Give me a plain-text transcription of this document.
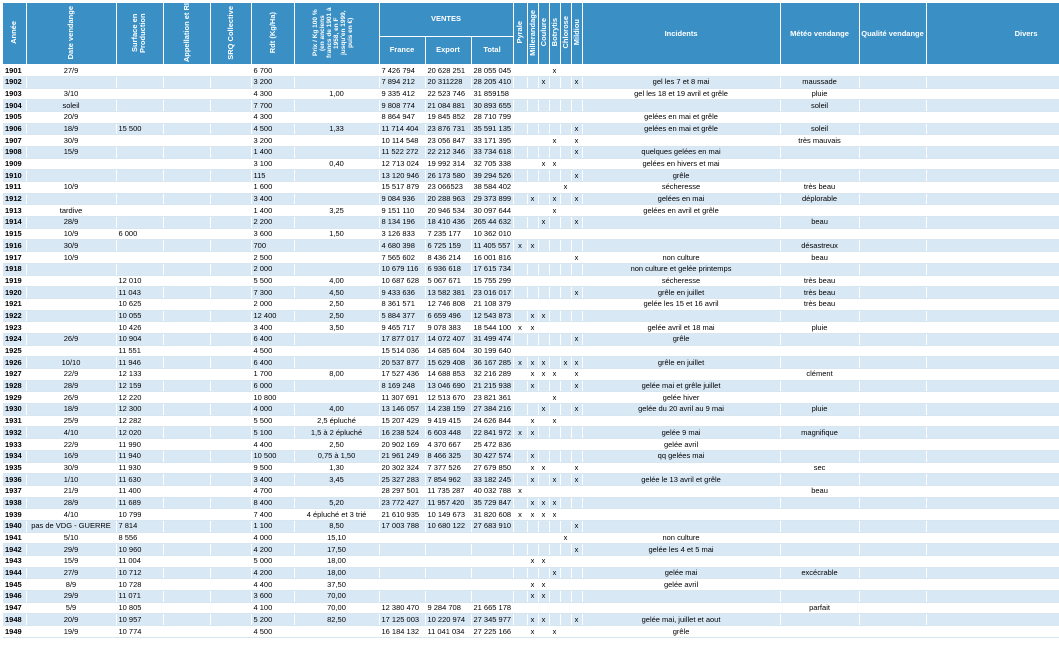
Année	Date vendange	Surface en Production	Appellation et RI	SRQ Collective	Rdt (Kg/Ha)	Prix / Kg 100 % (en anciens francs de 1901 à 1958, en F jusqu'en 1999, puis en €)	VENTES			Pyrale	Millerandage	Coulure	Botrytis	Chlorose	Mildiou	Incidents	Météo vendange	Qualité vendange	Divers
							France	Export	Total										
1901	27/9				6 700		7 426 794	20 628 251	28 055 045				x						
1902					3 200		7 894 212	20 311228	28 205 410			x			x	gel les 7 et 8 mai	maussade		
1903	3/10				4 300	1,00	9 335 412	22 523 746	31 859158							gel les 18 et 19 avril et grêle	pluie		
1904	soleil				7 700		9 808 774	21 084 881	30 893 655								soleil		
1905	20/9				4 300		8 864 947	19 845 852	28 710 799							gelées en mai et grêle			
1906	18/9	15 500			4 500	1,33	11 714 404	23 876 731	35 591 135						x	gelées en mai et grêle	soleil		
1907	30/9				3 200		10 114 548	23 056 847	33 171 395				x		x		très mauvais		
1908	15/9				1 400		11 522 272	22 212 346	33 734 618						x	quelques gelées en mai			
1909					3 100	0,40	12 713 024	19 992 314	32 705 338			x	x			gelées en hivers et mai			
1910					115		13 120 946	26 173 580	39 294 526						x	grêle			
1911	10/9				1 600		15 517 879	23 066523	38 584 402					x		sécheresse	très beau		
1912					3 400		9 084 936	20 288 963	29 373 899		x		x		x	gelées en mai	déplorable		
1913	tardive				1 400	3,25	9 151 110	20 946 534	30 097 644				x			gelées en avril et grêle			
1914	28/9				2 200		8 134 196	18 410 436	265 44 632			x			x		beau		
1915	10/9	6 000			3 600	1,50	3 126 833	7 235 177	10 362 010										
1916	30/9				700		4 680 398	6 725 159	11 405 557	x	x						désastreux		
1917	10/9				2 500		7 565 602	8 436 214	16 001 816						x	non culture	beau		
1918					2 000		10 679 116	6 936 618	17 615 734							non culture et gelée printemps			
1919		12 010			5 500	4,00	10 687 628	5 067 671	15 755 299							sécheresse	très beau		
1920		11 043			7 300	4,50	9 433 636	13 582 381	23 016 017						x	grêle en juillet	très beau		
1921		10 625			2 000	2,50	8 361 571	12 746 808	21 108 379							gelée les 15 et 16 avril	très beau		
1922		10 055			12 400	2,50	5 884 377	6 659 496	12 543 873		x	x							
1923		10 426			3 400	3,50	9 465 717	9 078 383	18 544 100	x	x					gelée avril et 18 mai	pluie		
1924	26/9	10 904			6 400		17 877 017	14 072 407	31 499 474						x	grêle			
1925		11 551			4 500		15 514 036	14 685 604	30 199 640										
1926	10/10	11 946			6 400		20 537 877	15 629 408	36 167 285	x	x	x		x	x	grêle en juillet			
1927	22/9	12 133			1 700	8,00	17 527 436	14 688 853	32 216 289		x	x	x		x		clément		
1928	28/9	12 159			6 000		8 169 248	13 046 690	21 215 938		x				x	gelée mai et grêle juillet			
1929	26/9	12 220			10 800		11 307 691	12 513 670	23 821 361				x			gelée hiver			
1930	18/9	12 300			4 000	4,00	13 146 057	14 238 159	27 384 216			x			x	gelée du 20 avril au 9 mai	pluie		
1931	25/9	12 282			5 500	2,5 épluché	15 207 429	9 419 415	24 626 844		x		x						
1932	4/10	12 020			5 100	1,5 à 2 épluché	16 238 524	6 603 448	22 841 972	x	x					gelée 9 mai	magnifique		
1933	22/9	11 990			4 400	2,50	20 902 169	4 370 667	25 472 836							gelée avril			
1934	16/9	11 940			10 500	0,75 à 1,50	21 961 249	8 466 325	30 427 574		x					qq gelées mai			
1935	30/9	11 930			9 500	1,30	20 302 324	7 377 526	27 679 850		x	x			x		sec		
1936	1/10	11 630			3 400	3,45	25 327 283	7 854 962	33 182 245		x		x		x	gelée le 13 avril et grêle			
1937	21/9	11 400			4 700		28 297 501	11 735 287	40 032 788	x							beau		
1938	28/9	11 689			8 400	5,20	23 772 427	11 957 420	35 729 847		x	x	x						
1939	4/10	10 799			7 400	4 épluché et 3 trié	21 610 935	10 149 673	31 820 608	x	x	x	x						
1940	pas de VDG - GUERRE	7 814			1 100	8,50	17 003 788	10 680 122	27 683 910						x				
1941	5/10	8 556			4 000	15,10								x		non culture			
1942	29/9	10 960			4 200	17,50									x	gelée les 4 et 5 mai			
1943	15/9	11 004			5 000	18,00					x	x							
1944	27/9	10 712			4 200	18,00							x			gelée mai	excécrable		
1945	8/9	10 728			4 400	37,50					x	x				gelée avril			
1946	29/9	11 071			3 600	70,00					x	x							
1947	5/9	10 805			4 100	70,00	12 380 470	9 284 708	21 665 178								parfait		
1948	20/9	10 957			5 200	82,50	17 125 003	10 220 974	27 345 977		x	x			x	gelée mai, juillet et aout			
1949	19/9	10 774			4 500		16 184 132	11 041 034	27 225 166		x		x			grêle			
